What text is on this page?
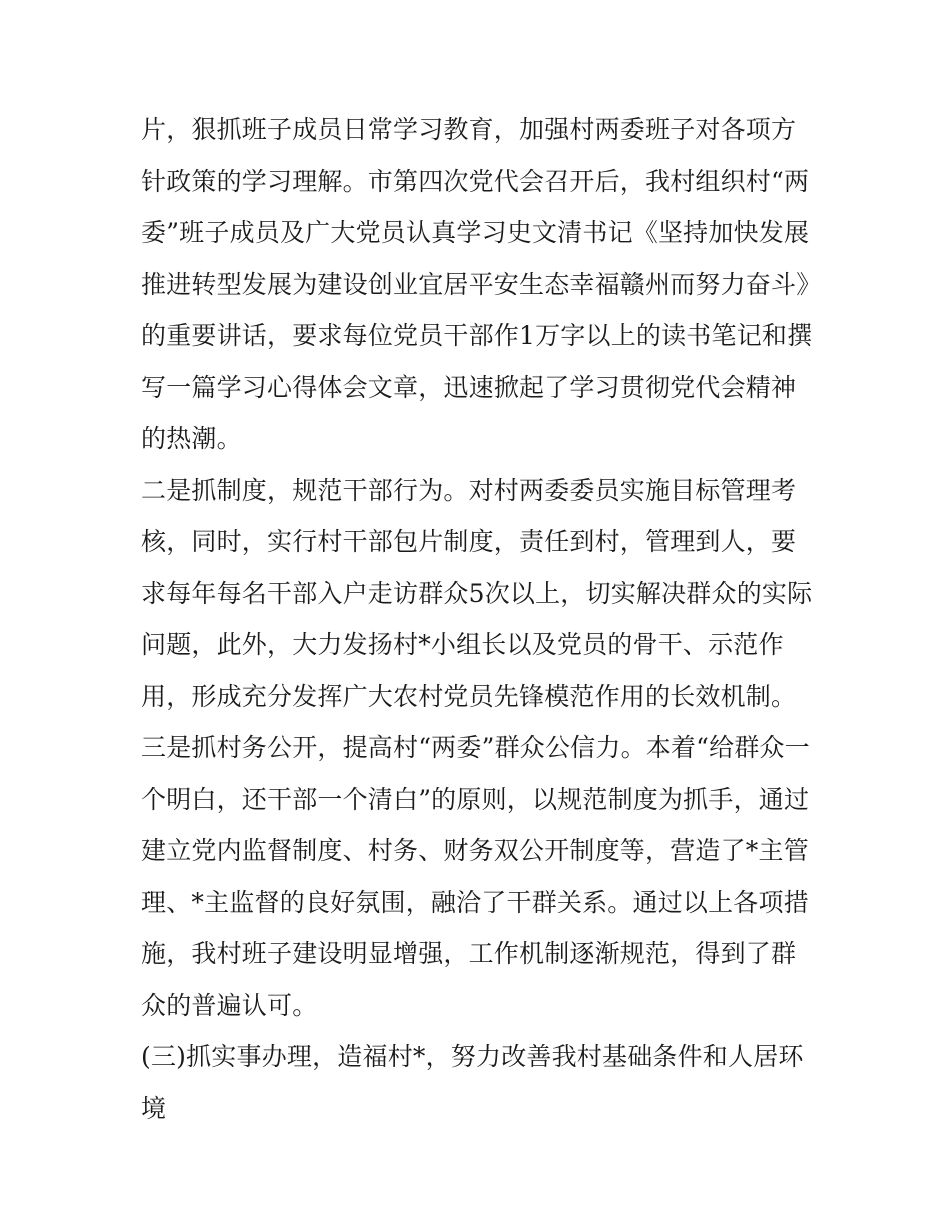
片，狠抓班子成员日常学习教育，加强村两委班子对各项方针政策的学习理解。市第四次党代会召开后，我村组织村“两委”班子成员及广大党员认真学习史文清书记《坚持加快发展推进转型发展为建设创业宜居平安生态幸福赣州而努力奋斗》的重要讲话，要求每位党员干部作1万字以上的读书笔记和撰写一篇学习心得体会文章，迅速掀起了学习贯彻党代会精神的热潮。

二是抓制度，规范干部行为。对村两委委员实施目标管理考核，同时，实行村干部包片制度，责任到村，管理到人，要求每年每名干部入户走访群众5次以上，切实解决群众的实际问题，此外，大力发扬村*小组长以及党员的骨干、示范作用，形成充分发挥广大农村党员先锋模范作用的长效机制。

三是抓村务公开，提高村“两委”群众公信力。本着“给群众一个明白，还干部一个清白”的原则，以规范制度为抓手，通过建立党内监督制度、村务、财务双公开制度等，营造了*主管理、*主监督的良好氛围，融洽了干群关系。通过以上各项措施，我村班子建设明显增强，工作机制逐渐规范，得到了群众的普遍认可。

(三)抓实事办理，造福村*，努力改善我村基础条件和人居环境
